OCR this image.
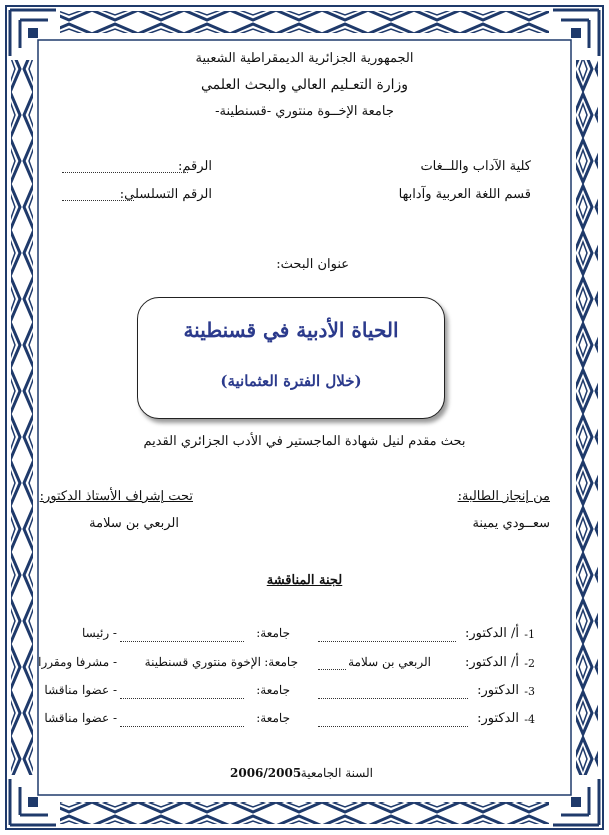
الجمهورية الجزائرية الديمقراطية الشعبية
وزارة التعـليم العالي والبحث العلمي
جامعة الإخــوة منتوري -قسنطينة-
كلية الآداب واللــغات
قسم اللغة العربية وآدابها
الرقم:
الرقم التسلسلي:
عنوان البحث:
الحياة الأدبية في قسنطينة
(خلال الفترة العثمانية)
بحث مقدم لنيل شهادة الماجستير في الأدب الجزائري القديم
من إنجاز الطالبة:
سعــودي يمينة
تحت إشراف الأستاذ الدكتور:
الربعي بن سلامة
لجنة المناقشة
1-
أ/ الدكتور:
جامعة:
- رئيسا
2-
أ/ الدكتور:
الربعي بن سلامة
جامعة:
الإخوة منتوري قسنطينة
- مشرفا ومقررا
3-
الدكتور:
جامعة:
- عضوا مناقشا
4-
الدكتور:
جامعة:
- عضوا مناقشا
السنة الجامعية:
2006/2005
